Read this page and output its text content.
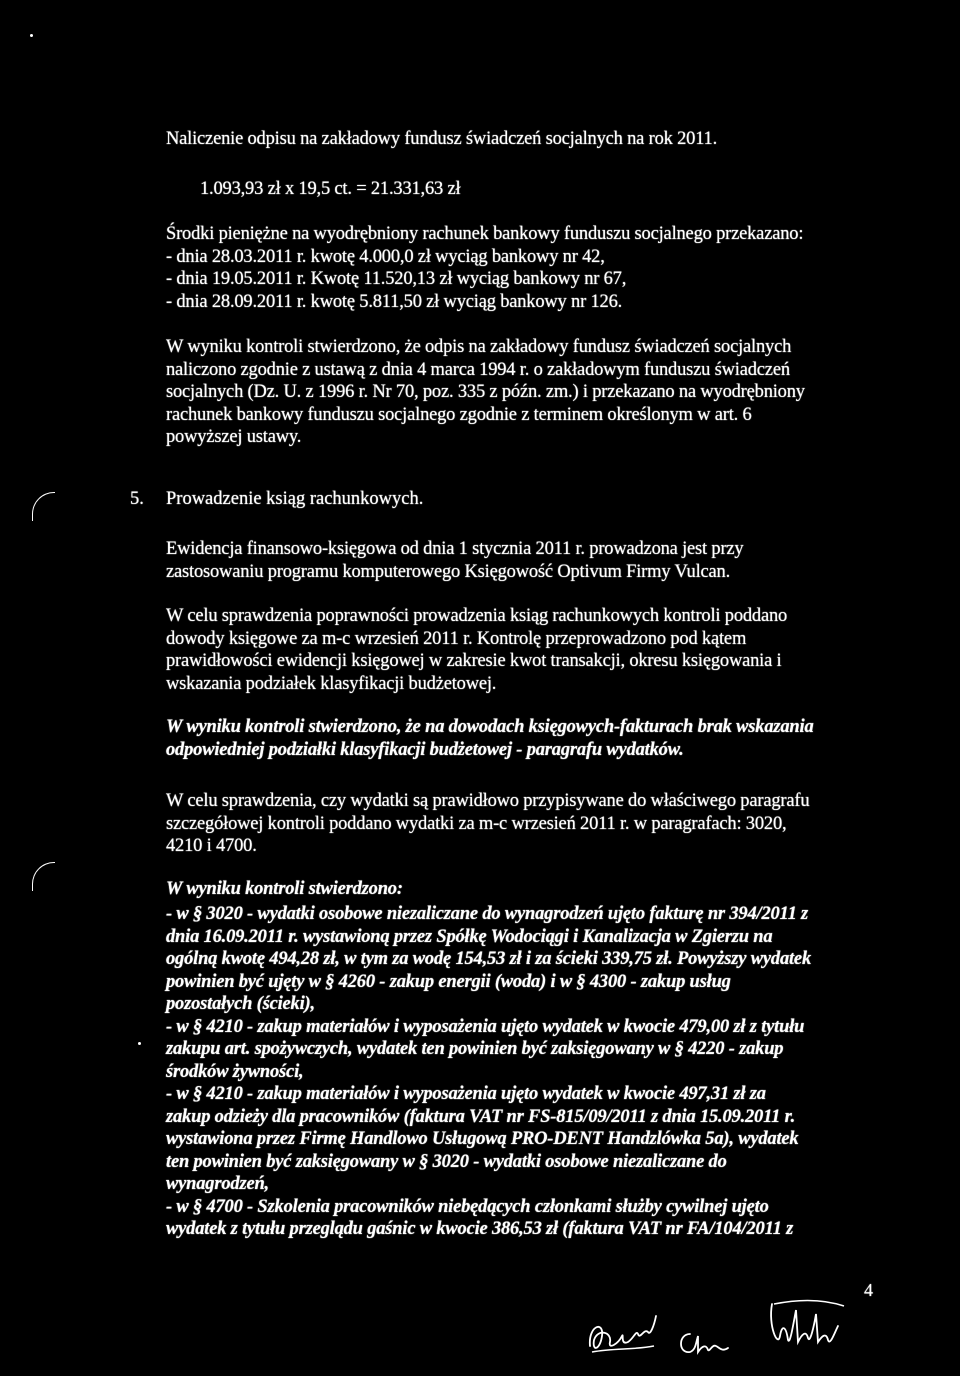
Naliczenie odpisu na zakładowy fundusz świadczeń socjalnych na rok 2011.
1.093,93 zł x 19,5 ct. = 21.331,63 zł
Środki pieniężne na wyodrębniony rachunek bankowy funduszu socjalnego przekazano:
- dnia 28.03.2011 r. kwotę 4.000,0 zł wyciąg bankowy nr 42,
- dnia 19.05.2011 r. Kwotę 11.520,13 zł wyciąg bankowy nr 67,
- dnia 28.09.2011 r. kwotę 5.811,50 zł wyciąg bankowy nr 126.
W wyniku kontroli stwierdzono, że odpis na zakładowy fundusz świadczeń socjalnych
naliczono zgodnie z ustawą z dnia 4 marca 1994 r. o zakładowym funduszu świadczeń
socjalnych (Dz. U. z 1996 r. Nr 70, poz. 335 z późn. zm.) i przekazano na wyodrębniony
rachunek bankowy funduszu socjalnego zgodnie z terminem określonym w art. 6
powyższej ustawy.
5. Prowadzenie ksiąg rachunkowych.
Ewidencja finansowo-księgowa od dnia 1 stycznia 2011 r. prowadzona jest przy
zastosowaniu programu komputerowego Księgowość Optivum Firmy Vulcan.
W celu sprawdzenia poprawności prowadzenia ksiąg rachunkowych kontroli poddano
dowody księgowe za m-c wrzesień 2011 r. Kontrolę przeprowadzono pod kątem
prawidłowości ewidencji księgowej w zakresie kwot transakcji, okresu księgowania i
wskazania podziałek klasyfikacji budżetowej.
W wyniku kontroli stwierdzono, że na dowodach księgowych-fakturach brak wskazania
odpowiedniej podziałki klasyfikacji budżetowej - paragrafu wydatków.
W celu sprawdzenia, czy wydatki są prawidłowo przypisywane do właściwego paragrafu
szczegółowej kontroli poddano wydatki za m-c wrzesień 2011 r. w paragrafach: 3020,
4210 i 4700.
W wyniku kontroli stwierdzono:
- w § 3020 - wydatki osobowe niezaliczane do wynagrodzeń ujęto fakturę nr 394/2011 z
dnia 16.09.2011 r. wystawioną przez Spółkę Wodociągi i Kanalizacja w Zgierzu na
ogólną kwotę 494,28 zł, w tym za wodę 154,53 zł i za ścieki 339,75 zł. Powyższy wydatek
powinien być ujęty w § 4260 - zakup energii (woda) i w § 4300 - zakup usług
pozostałych (ścieki),
- w § 4210 - zakup materiałów i wyposażenia ujęto wydatek w kwocie 479,00 zł z tytułu
zakupu art. spożywczych, wydatek ten powinien być zaksięgowany w § 4220 - zakup
środków żywności,
- w § 4210 - zakup materiałów i wyposażenia ujęto wydatek w kwocie 497,31 zł za
zakup odzieży dla pracowników (faktura VAT nr FS-815/09/2011 z dnia 15.09.2011 r.
wystawiona przez Firmę Handlowo Usługową PRO-DENT Handzlówka 5a), wydatek
ten powinien być zaksięgowany w § 3020 - wydatki osobowe niezaliczane do
wynagrodzeń,
- w § 4700 - Szkolenia pracowników niebędących członkami służby cywilnej ujęto
wydatek z tytułu przeglądu gaśnic w kwocie 386,53 zł (faktura VAT nr FA/104/2011 z
4
